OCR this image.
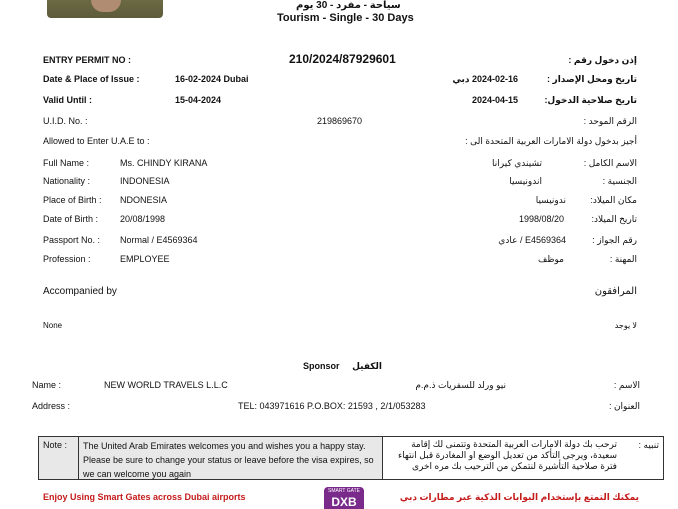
سياحة - مفرد - 30 يوم
Tourism - Single - 30 Days
ENTRY PERMIT NO :	210/2024/87929601	إذن دخول رقم :
Date & Place of Issue :	16-02-2024 Dubai	2024-02-16 دبي	تاريخ ومحل الإصدار :
Valid Until :	15-04-2024	2024-04-15	تاريخ صلاحية الدخول:
U.I.D. No. :	219869670	الرقم الموحد :
Allowed to Enter U.A.E to :	أجيز بدخول دولة الامارات العربية المتحدة الى :
Full Name :	Ms. CHINDY KIRANA	تشيندي كيرانا	الاسم الكامل :
Nationality :	INDONESIA	اندونيسيا	الجنسية :
Place of Birth : NDONESIA	ندونيسيا	مكان الميلاد:
Date of Birth : 20/08/1998	1998/08/20	تاريخ الميلاد:
Passport No. : Normal / E4569364	E4569364 / عادي	رقم الجواز :
Profession :	EMPLOYEE	موظف	المهنة :
Accompanied by	المرافقون
None	لا يوجد
Sponsor الكفيل
Name :	NEW WORLD TRAVELS L.L.C	نيو ورلد للسفريات ذ.م.م	الاسم :
Address :	TEL: 043971616 P.O.BOX: 21593 , 2/1/053283	العنوان :
Note :	The United Arab Emirates welcomes you and wishes you a happy stay. Please be sure to change your status or leave before the visa expires, so we can welcome you again
ترحب بك دولة الامارات العربية المتحدة وتتمنى لك إقامة سعيدة، ويرجى التأكد من تعديل الوضع او المغادرة قبل انتهاء فترة صلاحية التأشيرة لنتمكن من الترحيب بك مره اخرى
تنبيه :
Enjoy Using Smart Gates across Dubai airports
SMART GATE
DXB	يمكنك التمتع بإستخدام البوابات الذكية عبر مطارات دبي
